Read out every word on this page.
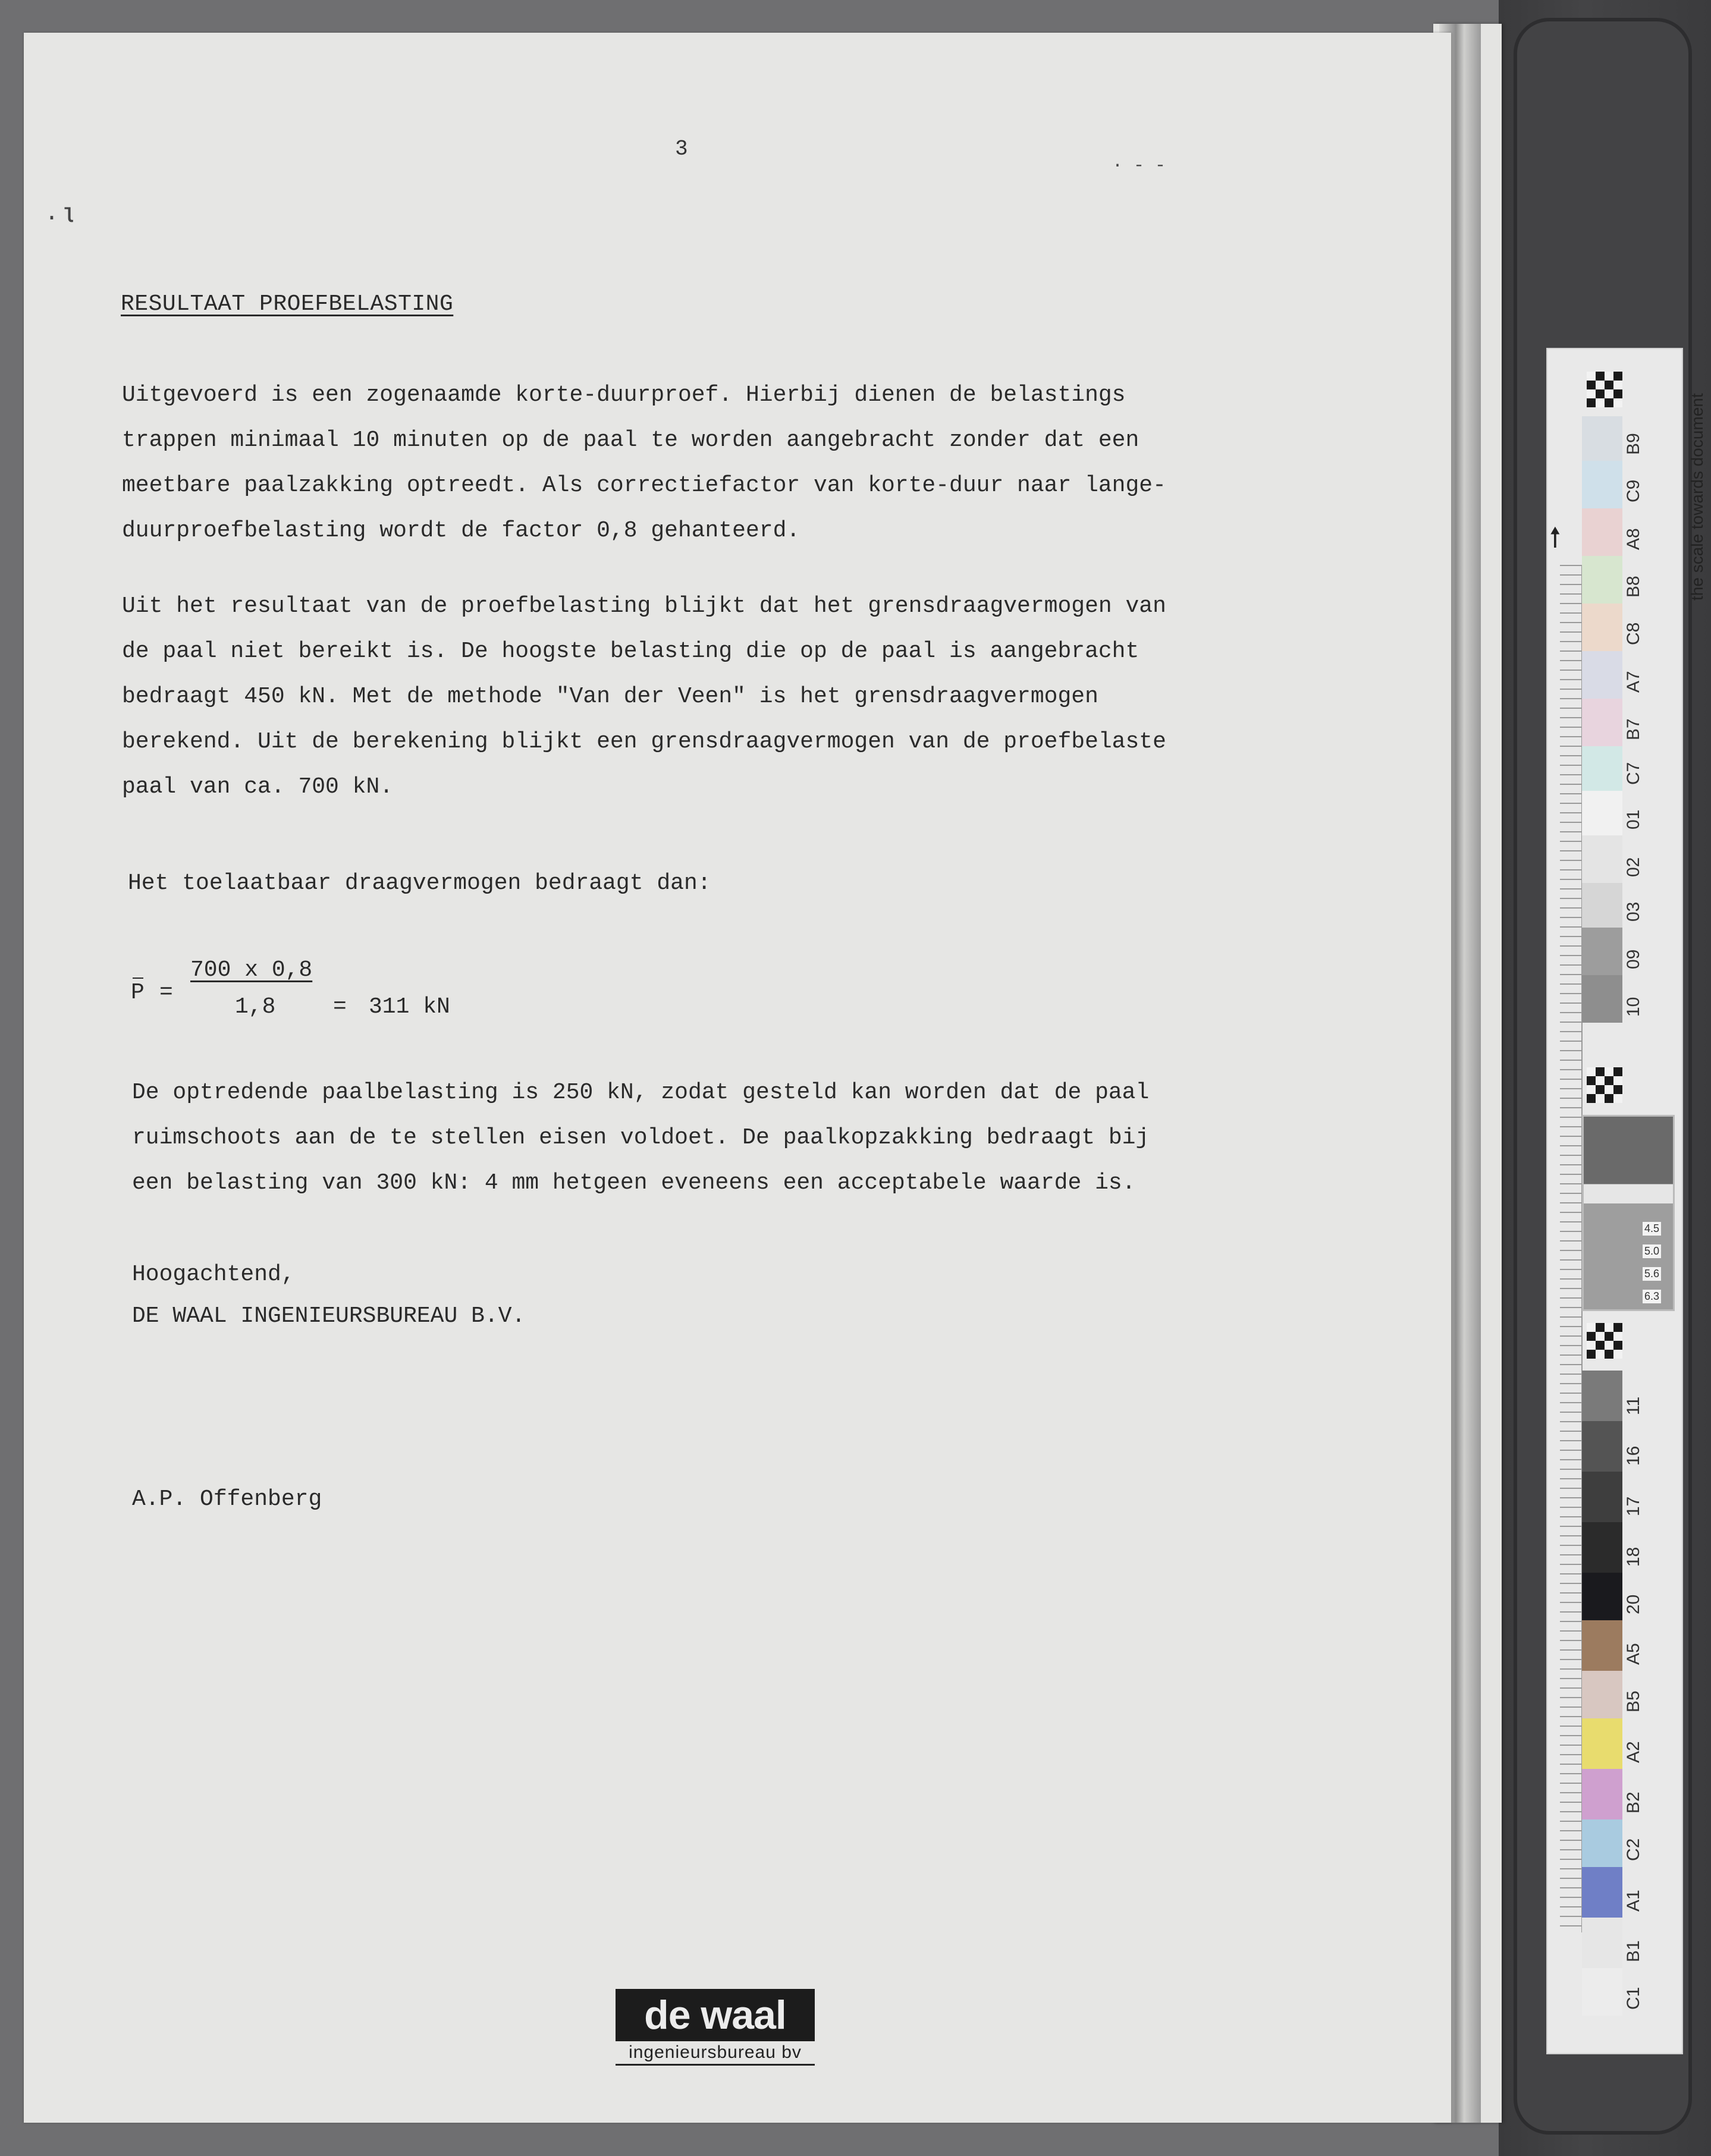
· ɩ
· ‑ ‑
3
RESULTAAT PROEFBELASTING
Uitgevoerd is een zogenaamde korte-duurproef. Hierbij dienen de belastings
trappen minimaal 10 minuten op de paal te worden aangebracht zonder dat een
meetbare paalzakking optreedt. Als correctiefactor van korte-duur naar lange-
duurproefbelasting wordt de factor 0,8 gehanteerd.
Uit het resultaat van de proefbelasting blijkt dat het grensdraagvermogen van
de paal niet bereikt is. De hoogste belasting die op de paal is aangebracht
bedraagt 450 kN. Met de methode "Van der Veen" is het grensdraagvermogen
berekend. Uit de berekening blijkt een grensdraagvermogen van de proefbelaste
paal van ca. 700 kN.
Het toelaatbaar draagvermogen bedraagt dan:
P =
700 x 0,8
1,8	= 311 kN
De optredende paalbelasting is 250 kN, zodat gesteld kan worden dat de paal
ruimschoots aan de te stellen eisen voldoet. De paalkopzakking bedraagt bij
een belasting van 300 kN: 4 mm hetgeen eveneens een acceptabele waarde is.
Hoogachtend,
DE WAAL INGENIEURSBUREAU B.V.
A.P. Offenberg
de waal
ingenieursbureau bv
the scale towards document
🠕
4.5
5.0
5.6
6.3
B9
C9
A8
B8
C8
A7
B7
C7
01
02
03
09
10
11
16
17
18
20
A5
B5
A2
B2
C2
A1
B1
C1
